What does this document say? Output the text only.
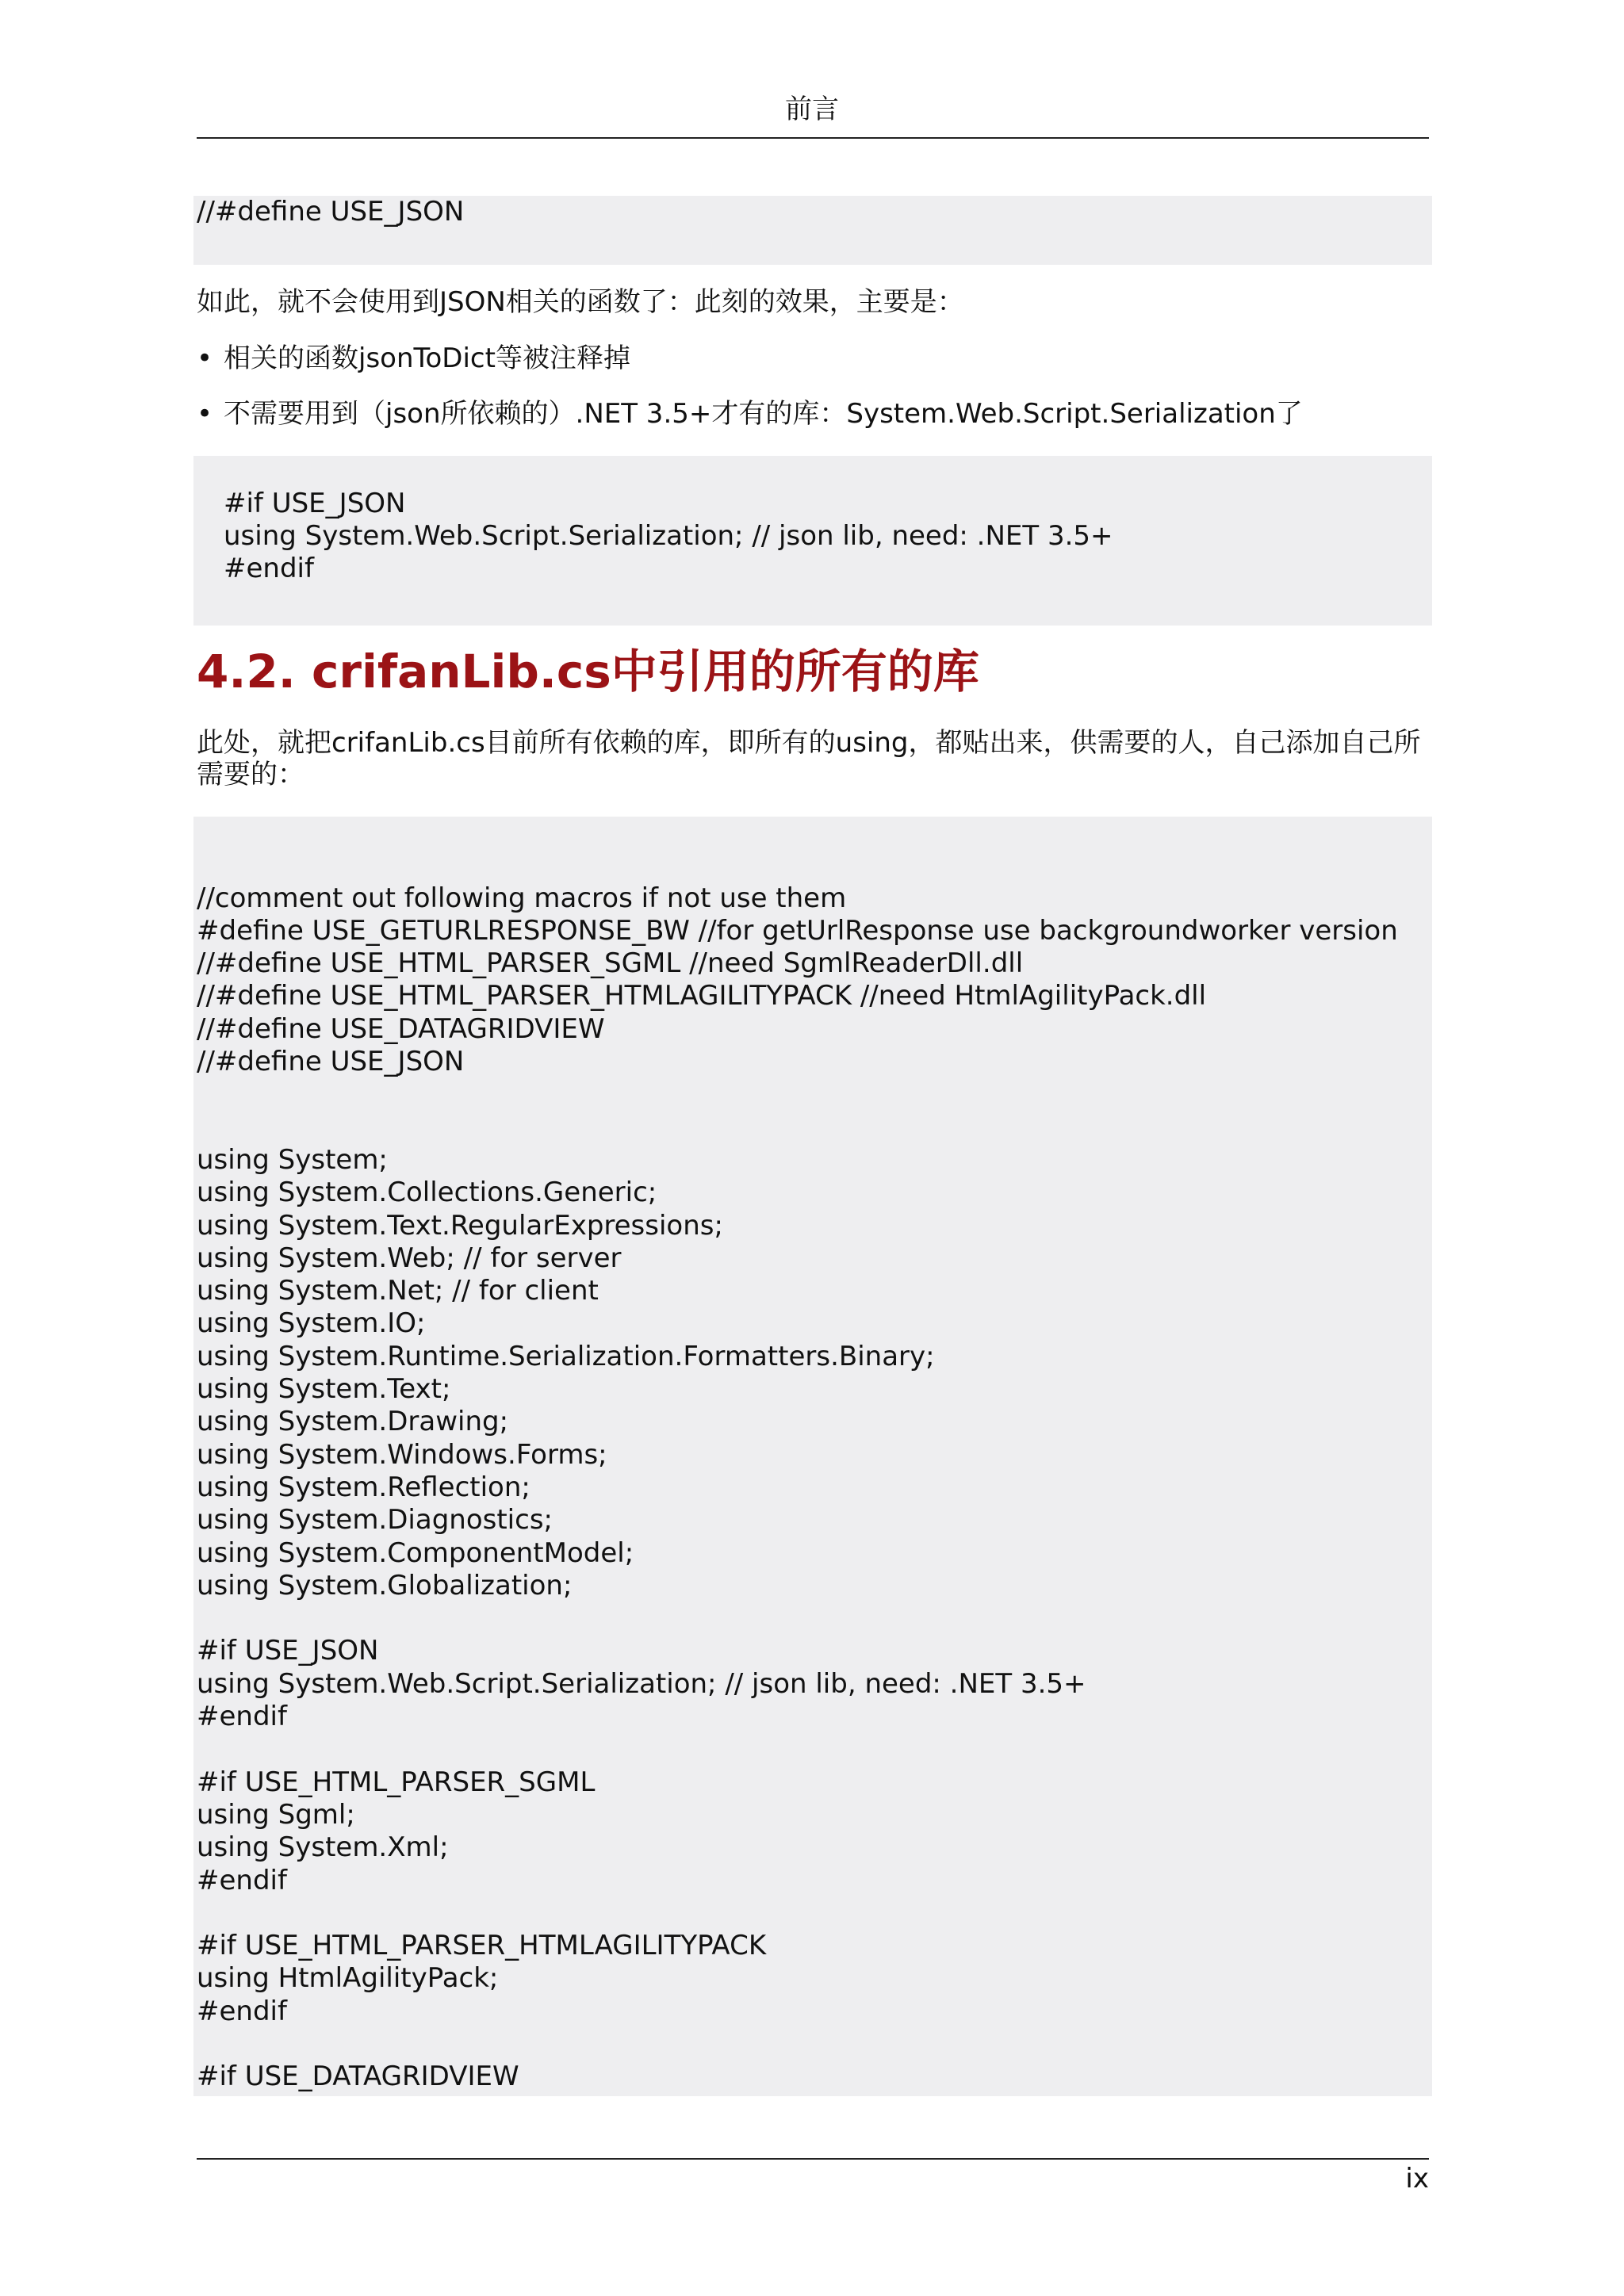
前言
//#define USE_JSON

如此，就不会使用到JSON相关的函数了：此刻的效果，主要是：

• 相关的函数jsonToDict等被注释掉
• 不需要用到（json所依赖的）.NET 3.5+才有的库：System.Web.Script.Serialization了
#if USE_JSON
using System.Web.Script.Serialization; // json lib, need: .NET 3.5+
#endif
4.2. crifanLib.cs中引用的所有的库

此处，就把crifanLib.cs目前所有依赖的库，即所有的using，都贴出来，供需要的人，自己添加自己所

需要的：

//comment out following macros if not use them
#define USE_GETURLRESPONSE_BW //for getUrlResponse use backgroundworker version
//#define USE_HTML_PARSER_SGML //need SgmlReaderDll.dll
//#define USE_HTML_PARSER_HTMLAGILITYPACK //need HtmlAgilityPack.dll
//#define USE_DATAGRIDVIEW
//#define USE_JSON

using System;
using System.Collections.Generic;
using System.Text.RegularExpressions;
using System.Web; // for server
using System.Net; // for client
using System.IO;
using System.Runtime.Serialization.Formatters.Binary;
using System.Text;
using System.Drawing;
using System.Windows.Forms;
using System.Reflection;
using System.Diagnostics;
using System.ComponentModel;
using System.Globalization;

#if USE_JSON
using System.Web.Script.Serialization; // json lib, need: .NET 3.5+
#endif

#if USE_HTML_PARSER_SGML
using Sgml;
using System.Xml;
#endif

#if USE_HTML_PARSER_HTMLAGILITYPACK
using HtmlAgilityPack;
#endif

#if USE_DATAGRIDVIEW
ix
